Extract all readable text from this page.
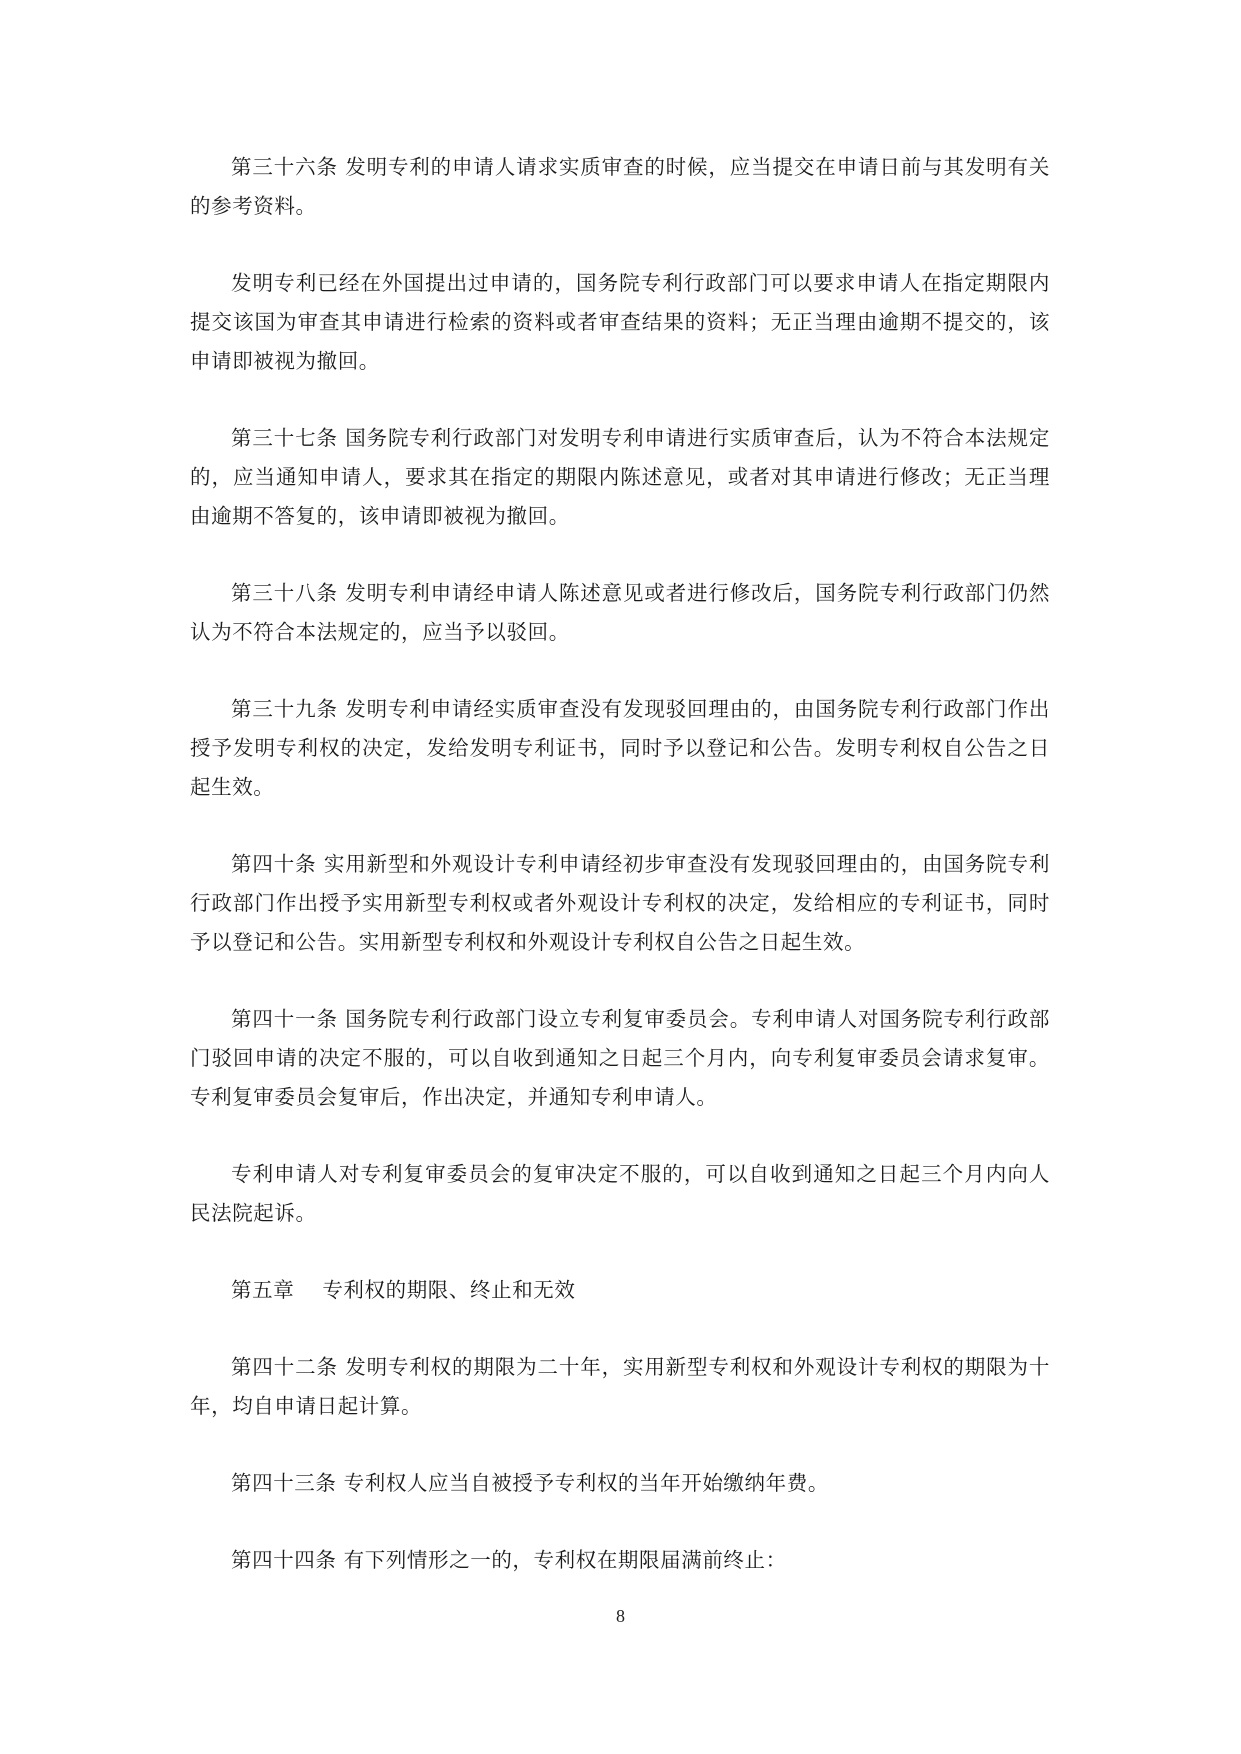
第三十六条 发明专利的申请人请求实质审查的时候，应当提交在申请日前与其发明有关的参考资料。

发明专利已经在外国提出过申请的，国务院专利行政部门可以要求申请人在指定期限内提交该国为审查其申请进行检索的资料或者审查结果的资料；无正当理由逾期不提交的，该申请即被视为撤回。

第三十七条 国务院专利行政部门对发明专利申请进行实质审查后，认为不符合本法规定的，应当通知申请人，要求其在指定的期限内陈述意见，或者对其申请进行修改；无正当理由逾期不答复的，该申请即被视为撤回。

第三十八条 发明专利申请经申请人陈述意见或者进行修改后，国务院专利行政部门仍然认为不符合本法规定的，应当予以驳回。

第三十九条 发明专利申请经实质审查没有发现驳回理由的，由国务院专利行政部门作出授予发明专利权的决定，发给发明专利证书，同时予以登记和公告。发明专利权自公告之日起生效。

第四十条 实用新型和外观设计专利申请经初步审查没有发现驳回理由的，由国务院专利行政部门作出授予实用新型专利权或者外观设计专利权的决定，发给相应的专利证书，同时予以登记和公告。实用新型专利权和外观设计专利权自公告之日起生效。

第四十一条 国务院专利行政部门设立专利复审委员会。专利申请人对国务院专利行政部门驳回申请的决定不服的，可以自收到通知之日起三个月内，向专利复审委员会请求复审。专利复审委员会复审后，作出决定，并通知专利申请人。

专利申请人对专利复审委员会的复审决定不服的，可以自收到通知之日起三个月内向人民法院起诉。

第五章 专利权的期限、终止和无效

第四十二条 发明专利权的期限为二十年，实用新型专利权和外观设计专利权的期限为十年，均自申请日起计算。

第四十三条 专利权人应当自被授予专利权的当年开始缴纳年费。

第四十四条 有下列情形之一的，专利权在期限届满前终止：

8
